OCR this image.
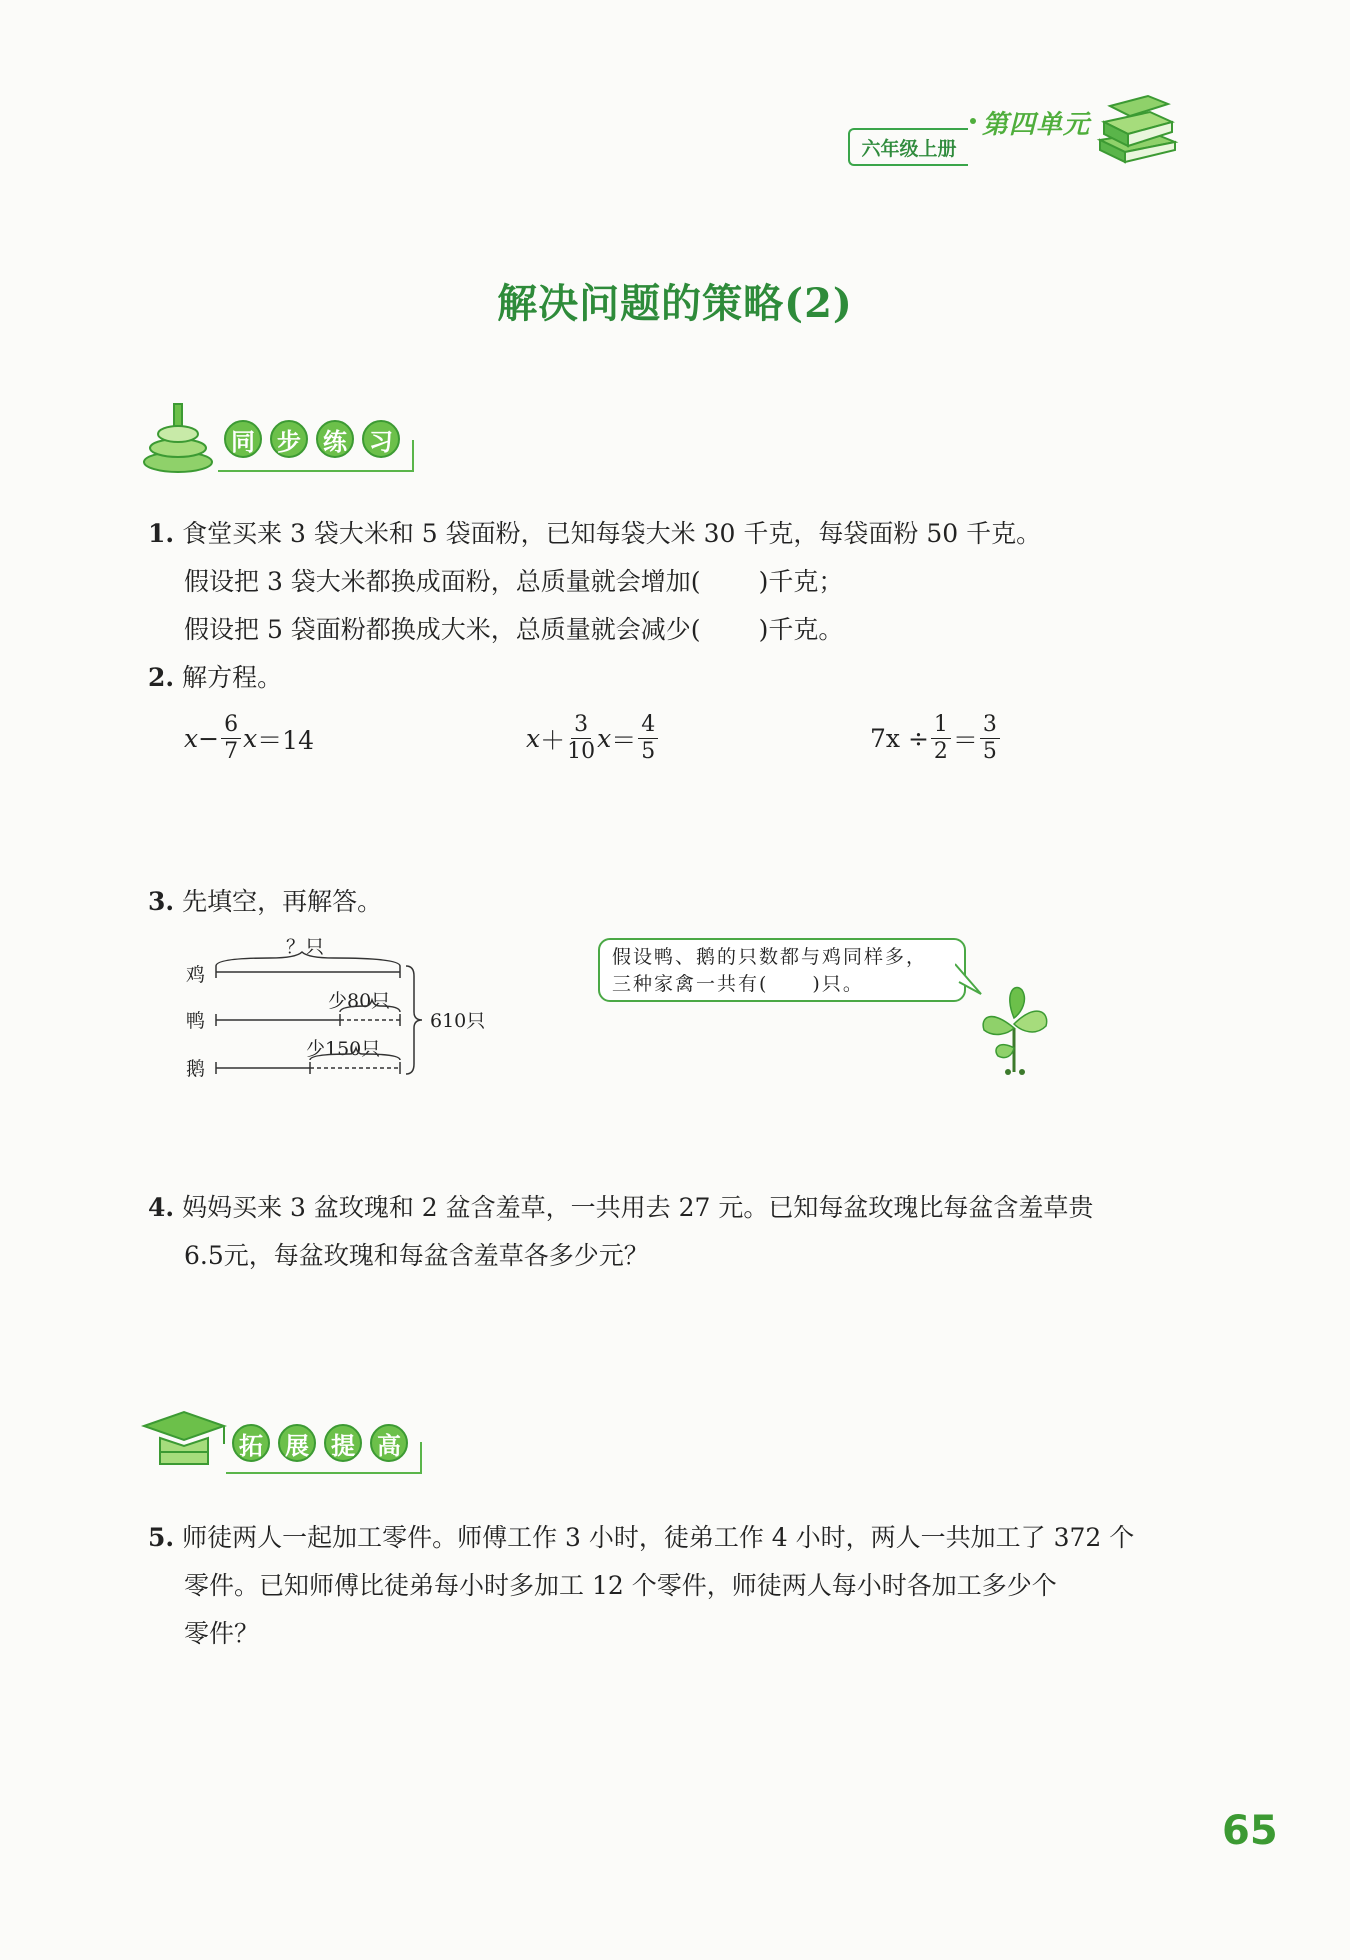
六年级上册
第四单元
解决问题的策略(2)
同 步 练 习
1. 食堂买来 3 袋大米和 5 袋面粉，已知每袋大米 30 千克，每袋面粉 50 千克。
假设把 3 袋大米都换成面粉，总质量就会增加( )千克；
假设把 5 袋面粉都换成大米，总质量就会减少( )千克。
2. 解方程。
$x - \frac{6}{7}$ x ＝14	$x + \frac{3}{10}$ $x = \frac{4}{5}$	$7x \div \frac{1}{2} = \frac{3}{5}$
3. 先填空，再解答。
？只
鸡
鸭
鹅
少80只
少150只
610只
假设鸭、鹅的只数都与鸡同样多，
三种家禽一共有( )只。
4. 妈妈买来 3 盆玫瑰和 2 盆含羞草，一共用去 27 元。已知每盆玫瑰比每盆含羞草贵
6.5元，每盆玫瑰和每盆含羞草各多少元？
拓 展 提 高
5. 师徒两人一起加工零件。师傅工作 3 小时，徒弟工作 4 小时，两人一共加工了 372 个
零件。已知师傅比徒弟每小时多加工 12 个零件，师徒两人每小时各加工多少个
零件？
65
